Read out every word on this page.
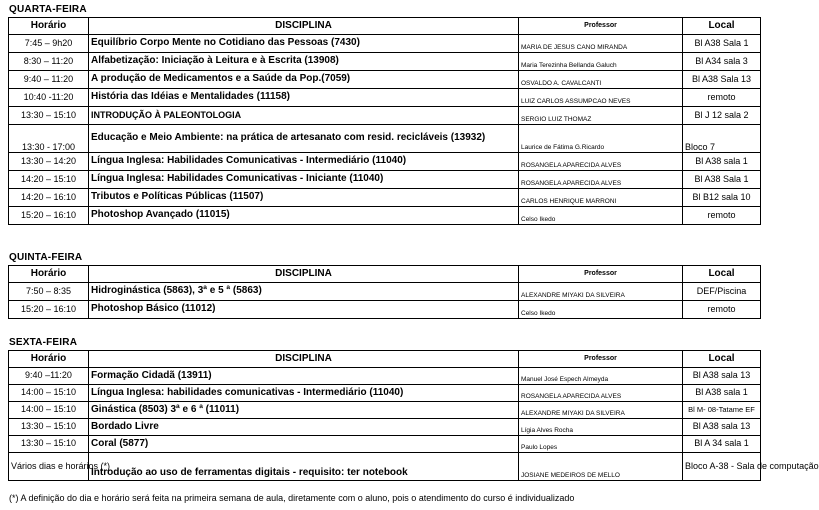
QUARTA-FEIRA
Horário	DISCIPLINA	Professor	Local
7:45 – 9h20	Equilíbrio Corpo Mente no Cotidiano das Pessoas (7430)	MARIA DE JESUS CANO MIRANDA	Bl A38 Sala 1
8:30 – 11:20	Alfabetização: Iniciação à Leitura e à Escrita (13908)	Maria Terezinha Bellanda Galuch	Bl A34 sala 3
9:40 – 11:20	A produção de Medicamentos e a Saúde da Pop.(7059)	OSVALDO A. CAVALCANTI	Bl A38 Sala 13
10:40 -11:20	História das Idéias e Mentalidades (11158)	LUIZ CARLOS ASSUMPCAO NEVES	remoto
13:30 – 15:10	INTRODUÇÃO À PALEONTOLOGIA	SERGIO LUIZ THOMAZ	Bl J 12 sala 2
13:30 - 17:00	Educação e Meio Ambiente: na prática de artesanato com resid. recicláveis (13932)	Laurice de Fátima G.Ricardo	Bloco 7
13:30 – 14:20	Língua Inglesa: Habilidades Comunicativas - Intermediário (11040)	ROSANGELA APARECIDA ALVES	Bl A38 sala 1
14:20 – 15:10	Língua Inglesa: Habilidades Comunicativas - Iniciante (11040)	ROSANGELA APARECIDA ALVES	Bl A38 Sala 1
14:20 – 16:10	Tributos e Políticas Públicas (11507)	CARLOS HENRIQUE MARRONI	Bl B12 sala 10
15:20 – 16:10	Photoshop Avançado (11015)	Celso Ikedo	remoto
QUINTA-FEIRA
Horário	DISCIPLINA	Professor	Local
7:50 – 8:35	Hidroginástica (5863), 3ª e 5 ª (5863)	ALEXANDRE MIYAKI DA SILVEIRA	DEF/Piscina
15:20 – 16:10	Photoshop Básico (11012)	Celso Ikedo	remoto
SEXTA-FEIRA
Horário	DISCIPLINA	Professor	Local
9:40 –11:20	Formação Cidadã (13911)	Manuel José Espech Almeyda	Bl A38 sala 13
14:00 – 15:10	Língua Inglesa: habilidades comunicativas - Intermediário (11040)	ROSANGELA APARECIDA ALVES	Bl A38 sala 1
14:00 – 15:10	Ginástica (8503) 3ª e 6 ª (11011)	ALEXANDRE MIYAKI DA SILVEIRA	Bl M- 08-Tatame EF
13:30 – 15:10	Bordado Livre	Lígia Alves Rocha	Bl A38 sala 13
13:30 – 15:10	Coral (5877)	Paulo Lopes	Bl A 34 sala 1
Vários dias e horários (*)	Introdução ao uso de ferramentas digitais - requisito: ter notebook	JOSIANE MEDEIROS DE MELLO	Bloco A-38 - Sala de computação
(*) A definição do dia e horário será feita na primeira semana de aula, diretamente com o aluno, pois o atendimento do curso é individualizado
